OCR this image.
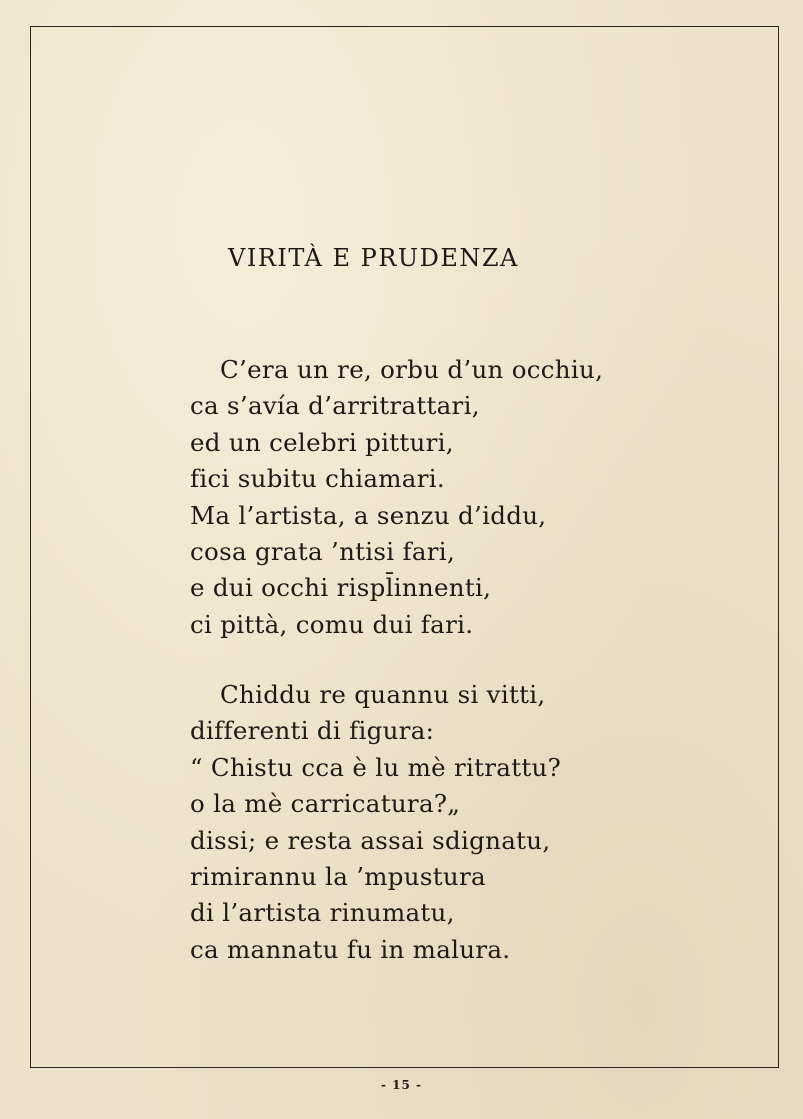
VIRITÀ E PRUDENZA
C’era un re, orbu d’un occhiu,
ca s’avía d’arritrattari,
ed un celebri pitturi,
fici subitu chiamari.
Ma l’artista, a senzu d’iddu,
cosa grata ’ntisi fari,
e dui occhi rispl̄innenti,
ci pittà, comu dui fari.
Chiddu re quannu si vitti,
differenti di figura:
“ Chistu cca è lu mè ritrattu?
o la mè carricatura?„
dissi; e resta assai sdignatu,
rimirannu la ’mpustura
di l’artista rinumatu,
ca mannatu fu in malura.
- 15 -
